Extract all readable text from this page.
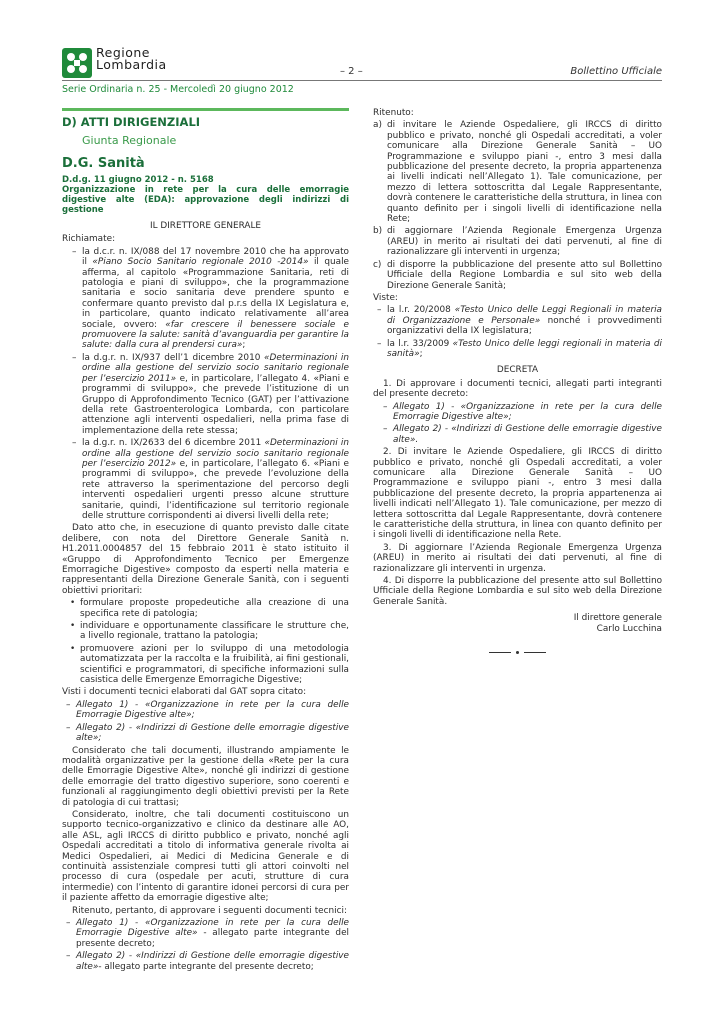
Regione
Lombardia	– 2 –	Bollettino Ufficiale
Serie Ordinaria n. 25 - Mercoledì 20 giugno 2012
D) ATTI DIRIGENZIALI
Giunta Regionale
D.G. Sanità
D.d.g. 11 giugno 2012 - n. 5168
Organizzazione in rete per la cura delle emorragie digestive alte (EDA): approvazione degli indirizzi di gestione
IL DIRETTORE GENERALE
Richiamate:
– la d.c.r. n. IX/088 del 17 novembre 2010 che ha approvato il «Piano Socio Sanitario regionale 2010 -2014» il quale afferma, al capitolo «Programmazione Sanitaria, reti di patologia e piani di sviluppo», che la programmazione sanitaria e socio sanitaria deve prendere spunto e confermare quanto previsto dal p.r.s della IX Legislatura e, in particolare, quanto indicato relativamente all’area sociale, ovvero: «far crescere il benessere sociale e promuovere la salute: sanità d’avanguardia per garantire la salute: dalla cura al prendersi cura»;
– la d.g.r. n. IX/937 dell’1 dicembre 2010 «Determinazioni in ordine alla gestione del servizio socio sanitario regionale per l’esercizio 2011» e, in particolare, l’allegato 4. «Piani e programmi di sviluppo», che prevede l’istituzione di un Gruppo di Approfondimento Tecnico (GAT) per l’attivazione della rete Gastroenterologica Lombarda, con particolare attenzione agli interventi ospedalieri, nella prima fase di implementazione della rete stessa;
– la d.g.r. n. IX/2633 del 6 dicembre 2011 «Determinazioni in ordine alla gestione del servizio socio sanitario regionale per l’esercizio 2012» e, in particolare, l’allegato 6. «Piani e programmi di sviluppo», che prevede l’evoluzione della rete attraverso la sperimentazione del percorso degli interventi ospedalieri urgenti presso alcune strutture sanitarie, quindi, l’identificazione sul territorio regionale delle strutture corrispondenti ai diversi livelli della rete;
Dato atto che, in esecuzione di quanto previsto dalle citate delibere, con nota del Direttore Generale Sanità n. H1.2011.0004857 del 15 febbraio 2011 è stato istituito il «Gruppo di Approfondimento Tecnico per Emergenze Emorragiche Digestive» composto da esperti nella materia e rappresentanti della Direzione Generale Sanità, con i seguenti obiettivi prioritari:
• formulare proposte propedeutiche alla creazione di una specifica rete di patologia;
• individuare e opportunamente classificare le strutture che, a livello regionale, trattano la patologia;
• promuovere azioni per lo sviluppo di una metodologia automatizzata per la raccolta e la fruibilità, ai fini gestionali, scientifici e programmatori, di specifiche informazioni sulla casistica delle Emergenze Emorragiche Digestive;
Visti i documenti tecnici elaborati dal GAT sopra citato:
– Allegato 1) - «Organizzazione in rete per la cura delle Emorragie Digestive alte»;
– Allegato 2) - «Indirizzi di Gestione delle emorragie digestive alte»;
Considerato che tali documenti, illustrando ampiamente le modalità organizzative per la gestione della «Rete per la cura delle Emorragie Digestive Alte», nonché gli indirizzi di gestione delle emorragie del tratto digestivo superiore, sono coerenti e funzionali al raggiungimento degli obiettivi previsti per la Rete di patologia di cui trattasi;
Considerato, inoltre, che tali documenti costituiscono un supporto tecnico-organizzativo e clinico da destinare alle AO, alle ASL, agli IRCCS di diritto pubblico e privato, nonché agli Ospedali accreditati a titolo di informativa generale rivolta ai Medici Ospedalieri, ai Medici di Medicina Generale e di continuità assistenziale compresi tutti gli attori coinvolti nel processo di cura (ospedale per acuti, strutture di cura intermedie) con l’intento di garantire idonei percorsi di cura per il paziente affetto da emorragie digestive alte;
Ritenuto, pertanto, di approvare i seguenti documenti tecnici:
– Allegato 1) - «Organizzazione in rete per la cura delle Emorragie Digestive alte» - allegato parte integrante del presente decreto;
– Allegato 2) - «Indirizzi di Gestione delle emorragie digestive alte»- allegato parte integrante del presente decreto;
Ritenuto:
a) di invitare le Aziende Ospedaliere, gli IRCCS di diritto pubblico e privato, nonché gli Ospedali accreditati, a voler comunicare alla Direzione Generale Sanità – UO Programmazione e sviluppo piani -, entro 3 mesi dalla pubblicazione del presente decreto, la propria appartenenza ai livelli indicati nell’Allegato 1). Tale comunicazione, per mezzo di lettera sottoscritta dal Legale Rappresentante, dovrà contenere le caratteristiche della struttura, in linea con quanto definito per i singoli livelli di identificazione nella Rete;
b) di aggiornare l’Azienda Regionale Emergenza Urgenza (AREU) in merito ai risultati dei dati pervenuti, al fine di razionalizzare gli interventi in urgenza;
c) di disporre la pubblicazione del presente atto sul Bollettino Ufficiale della Regione Lombardia e sul sito web della Direzione Generale Sanità;
Viste:
– la l.r. 20/2008 «Testo Unico delle Leggi Regionali in materia di Organizzazione e Personale» nonché i provvedimenti organizzativi della IX legislatura;
– la l.r. 33/2009 «Testo Unico delle leggi regionali in materia di sanità»;
DECRETA
1. Di approvare i documenti tecnici, allegati parti integranti del presente decreto:
– Allegato 1) - «Organizzazione in rete per la cura delle Emorragie Digestive alte»;
– Allegato 2) - «Indirizzi di Gestione delle emorragie digestive alte».
2. Di invitare le Aziende Ospedaliere, gli IRCCS di diritto pubblico e privato, nonché gli Ospedali accreditati, a voler comunicare alla Direzione Generale Sanità – UO Programmazione e sviluppo piani -, entro 3 mesi dalla pubblicazione del presente decreto, la propria appartenenza ai livelli indicati nell’Allegato 1). Tale comunicazione, per mezzo di lettera sottoscritta dal Legale Rappresentante, dovrà contenere le caratteristiche della struttura, in linea con quanto definito per i singoli livelli di identificazione nella Rete.
3. Di aggiornare l’Azienda Regionale Emergenza Urgenza (AREU) in merito ai risultati dei dati pervenuti, al fine di razionalizzare gli interventi in urgenza.
4. Di disporre la pubblicazione del presente atto sul Bollettino Ufficiale della Regione Lombardia e sul sito web della Direzione Generale Sanità.
Il direttore generale
Carlo Lucchina
